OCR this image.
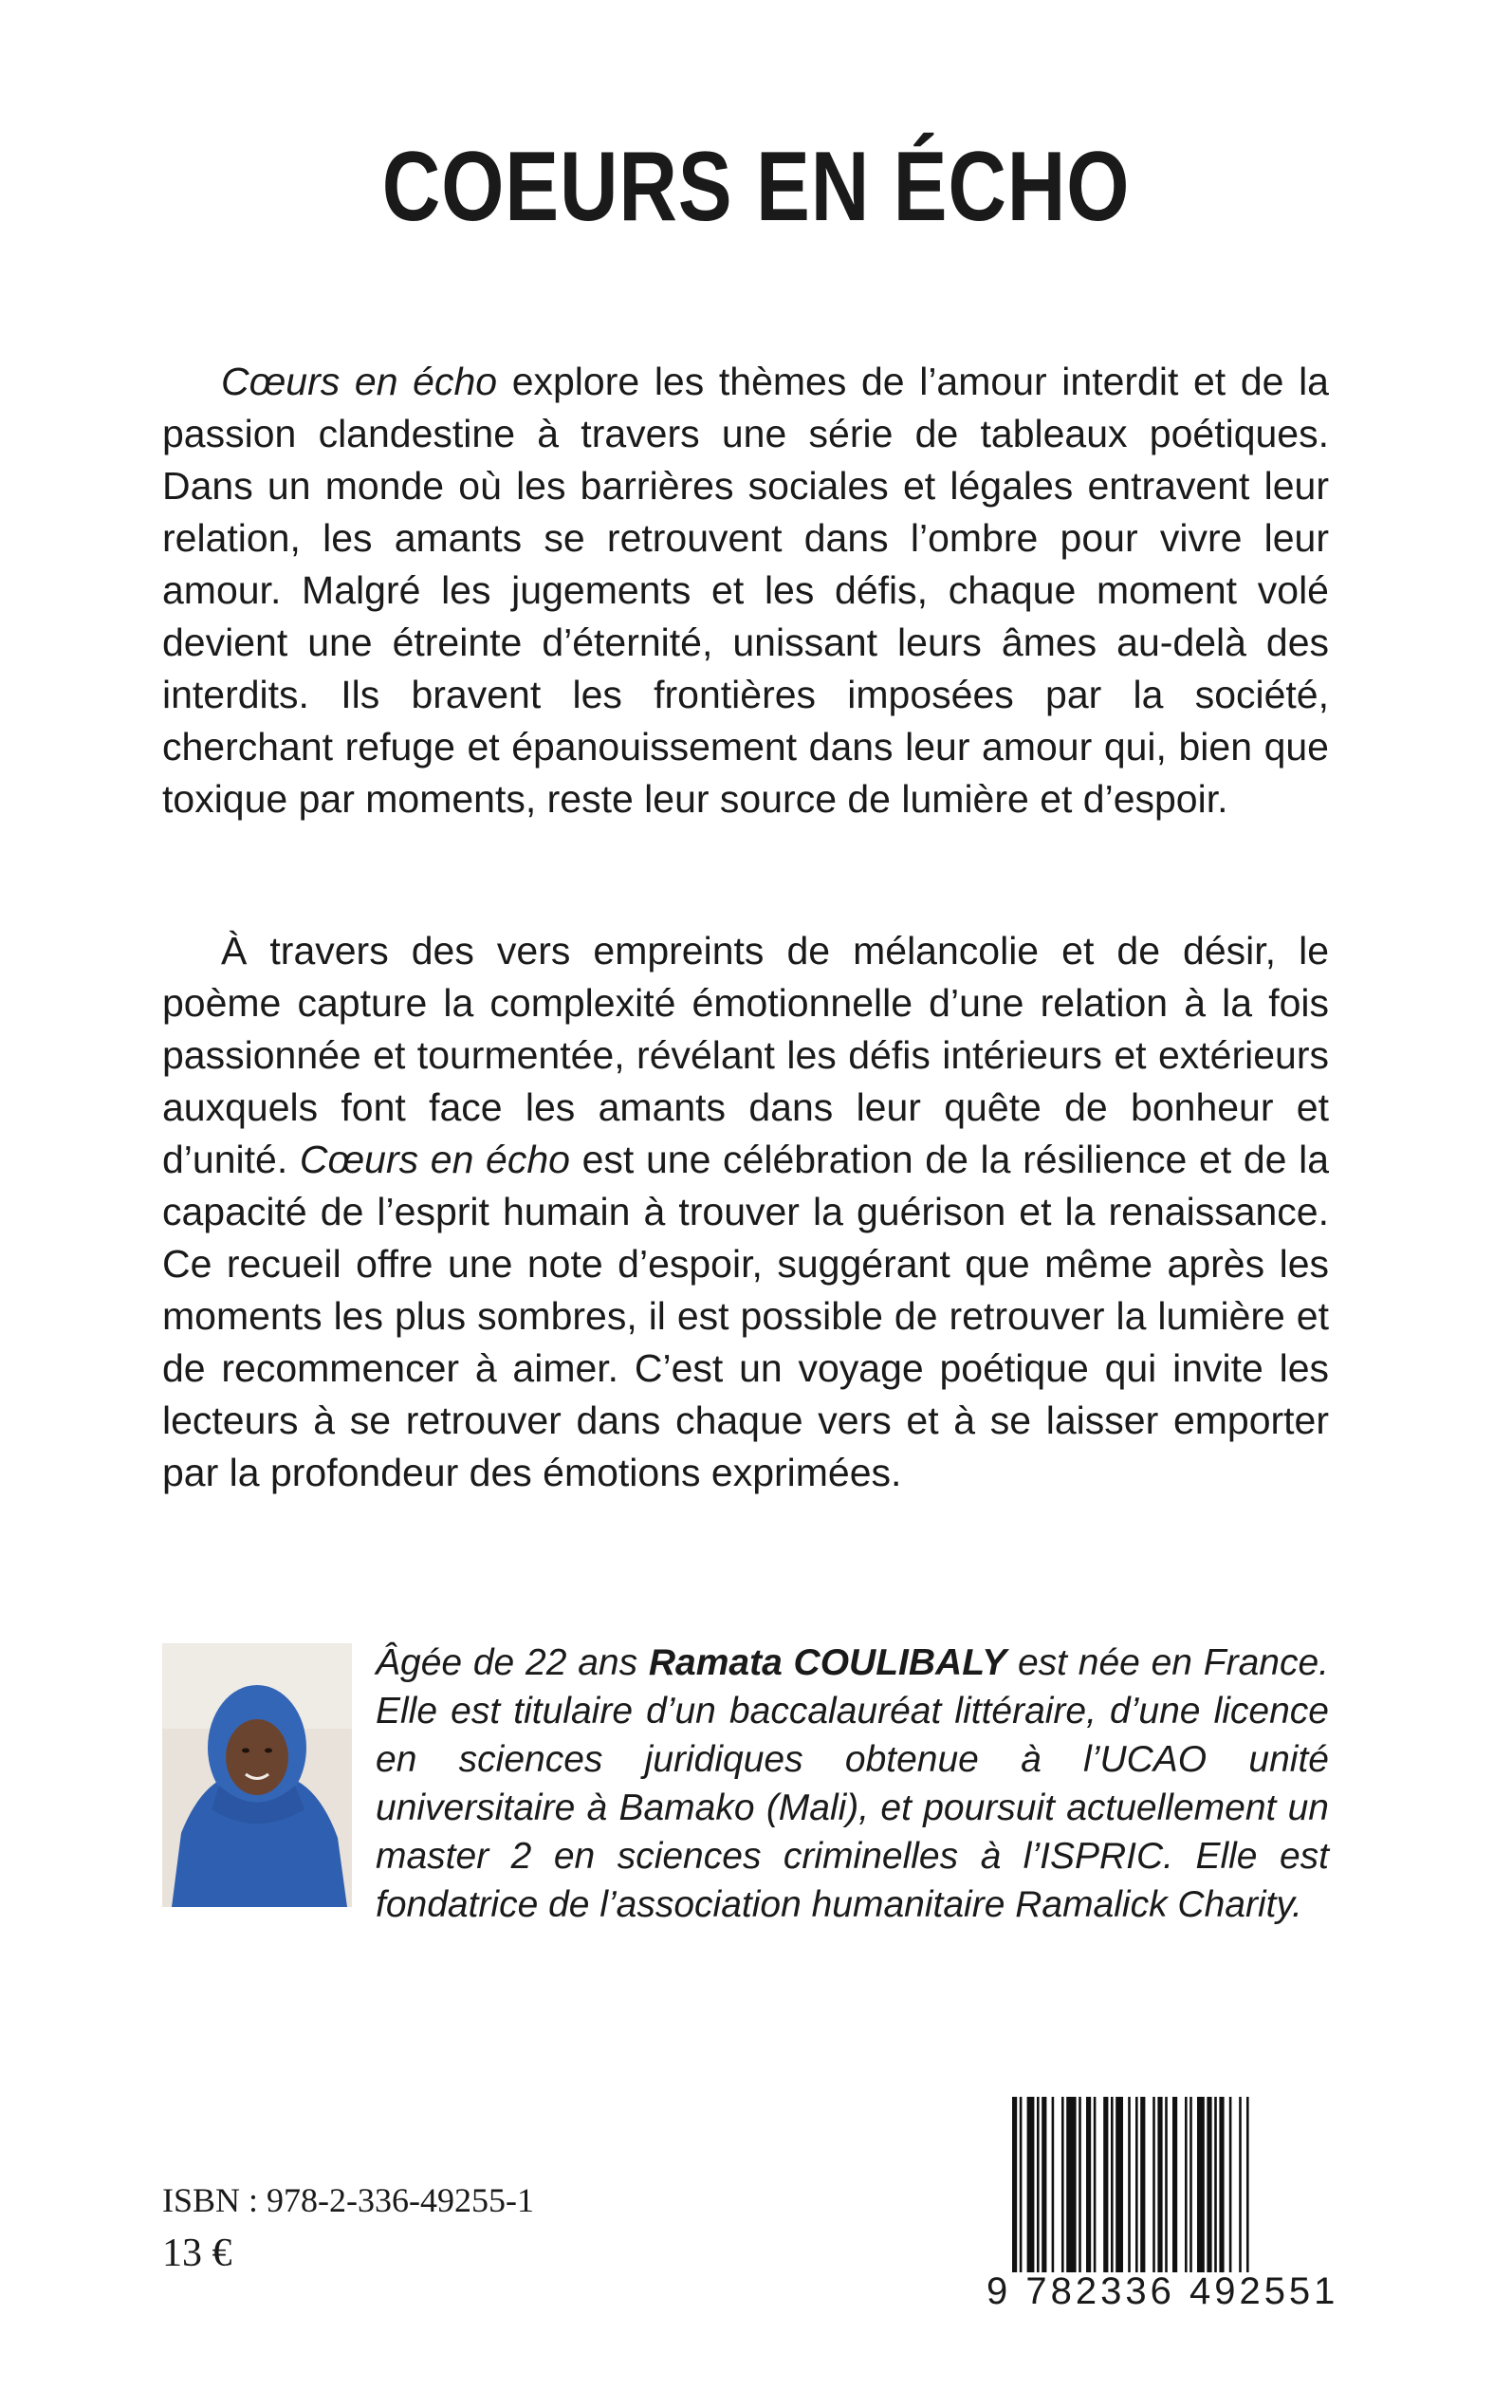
COEURS EN ÉCHO

Cœurs en écho explore les thèmes de l’amour interdit et de la passion clandestine à travers une série de tableaux poétiques. Dans un monde où les barrières sociales et légales entravent leur relation, les amants se retrouvent dans l’ombre pour vivre leur amour. Malgré les jugements et les défis, chaque moment volé devient une étreinte d’éternité, unissant leurs âmes au-delà des interdits. Ils bravent les frontières imposées par la société, cherchant refuge et épanouissement dans leur amour qui, bien que toxique par moments, reste leur source de lumière et d’espoir.

À travers des vers empreints de mélancolie et de désir, le poème capture la complexité émotionnelle d’une relation à la fois passionnée et tourmentée, révélant les défis intérieurs et extérieurs auxquels font face les amants dans leur quête de bonheur et d’unité. Cœurs en écho est une célébration de la résilience et de la capacité de l’esprit humain à trouver la guérison et la renaissance. Ce recueil offre une note d’espoir, suggérant que même après les moments les plus sombres, il est possible de retrouver la lumière et de recommencer à aimer. C’est un voyage poétique qui invite les lecteurs à se retrouver dans chaque vers et à se laisser emporter par la profondeur des émotions exprimées.

Âgée de 22 ans Ramata COULIBALY est née en France. Elle est titulaire d’un baccalauréat littéraire, d’une licence en sciences juridiques obtenue à l’UCAO unité universitaire à Bamako (Mali), et poursuit actuellement un master 2 en sciences criminelles à l’ISPRIC. Elle est fondatrice de l’association humanitaire Ramalick Charity.

ISBN : 978-2-336-49255-1
13 €
9 782336 492551
